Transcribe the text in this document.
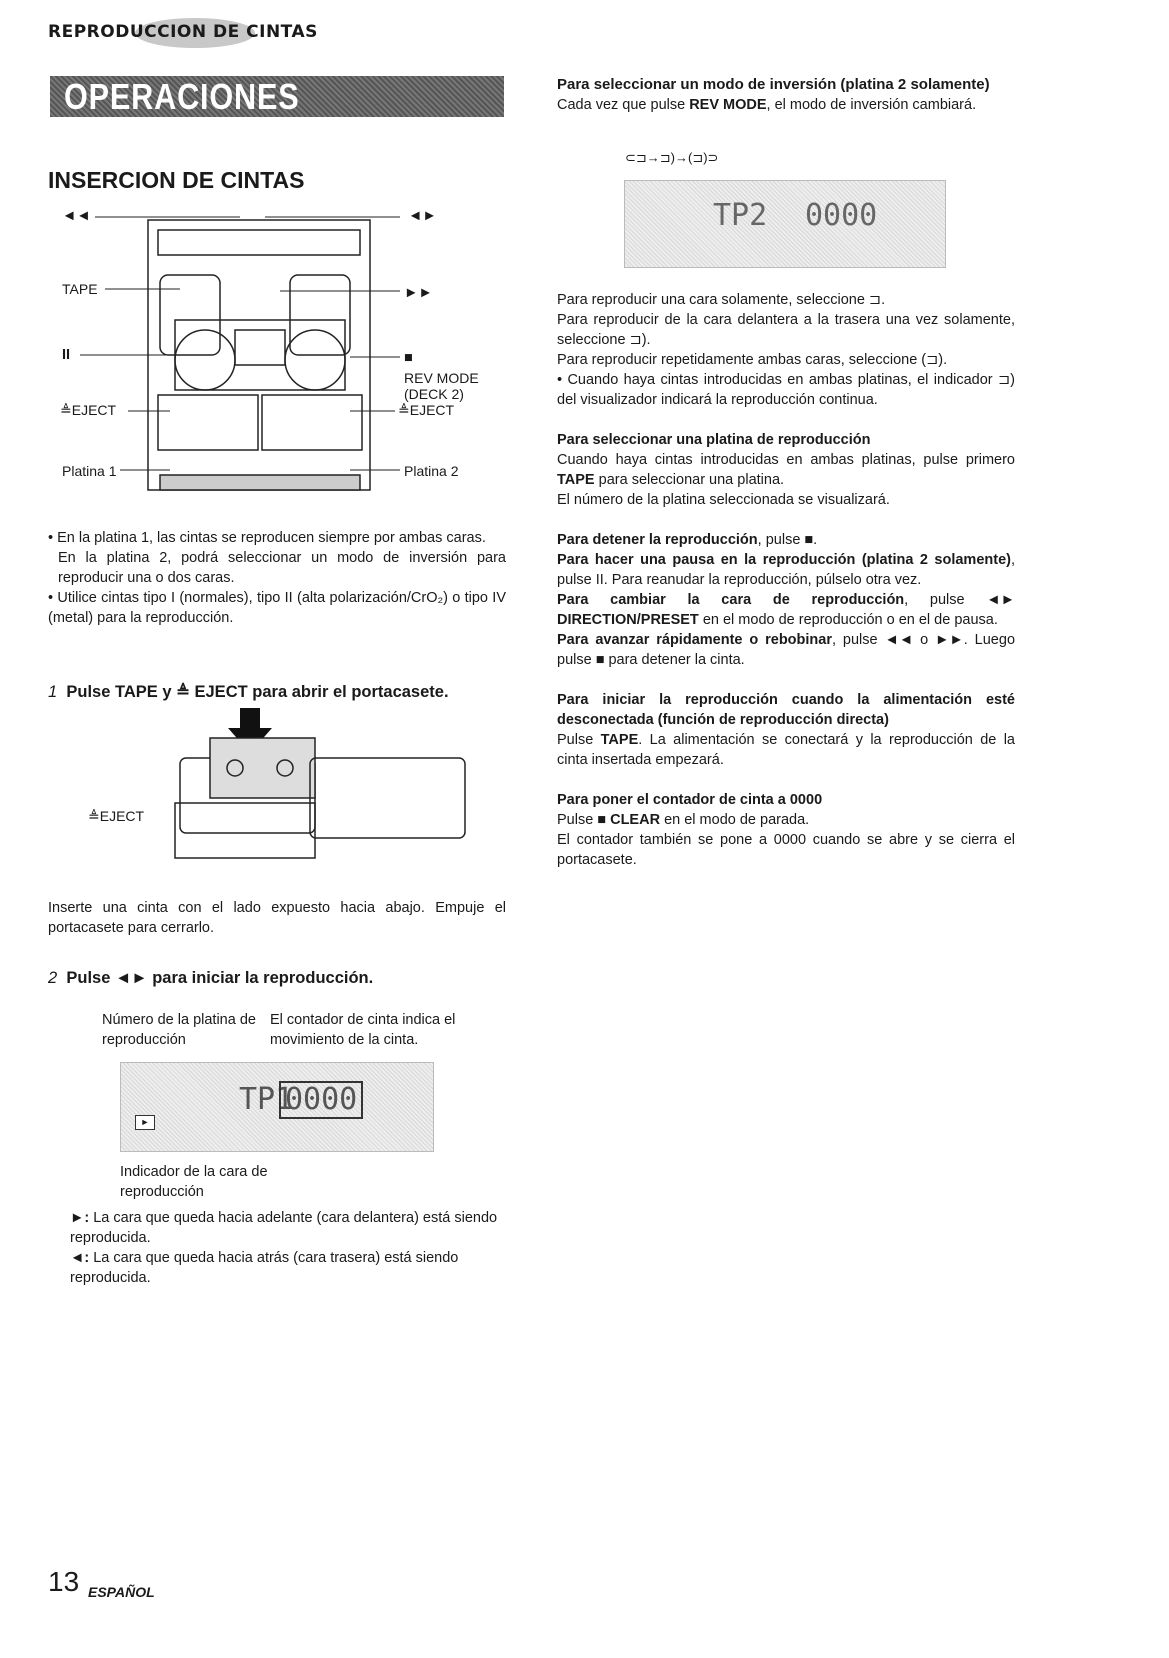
REPRODUCCION DE CINTAS
OPERACIONES BASICAS
INSERCION DE CINTAS
◄◄	◄►
TAPE	►►
II	■
REV MODE
(DECK 2)
≜EJECT
≜EJECT
Platina 1	Platina 2
• En la platina 1, las cintas se reproducen siempre por ambas caras.
En la platina 2, podrá seleccionar un modo de inversión para reproducir una o dos caras.
• Utilice cintas tipo I (normales), tipo II (alta polarización/CrO₂) o tipo IV (metal) para la reproducción.
1 Pulse TAPE y ≜ EJECT para abrir el portacasete.
≜EJECT
Inserte una cinta con el lado expuesto hacia abajo. Empuje el portacasete para cerrarlo.
2 Pulse ◄► para iniciar la reproducción.
Número de la platina de reproducción
El contador de cinta indica el movimiento de la cinta.
TP1
0000
►
Indicador de la cara de reproducción
►: La cara que queda hacia adelante (cara delantera) está siendo reproducida.
◄: La cara que queda hacia atrás (cara trasera) está siendo reproducida.
Para seleccionar un modo de inversión (platina 2 solamente)
Cada vez que pulse REV MODE, el modo de inversión cambiará.
⊂⊐→⊐)→(⊐)⊃
TP2 0000
Para reproducir una cara solamente, seleccione ⊐.
Para reproducir de la cara delantera a la trasera una vez solamente, seleccione ⊐).
Para reproducir repetidamente ambas caras, seleccione (⊐).
• Cuando haya cintas introducidas en ambas platinas, el indicador ⊐) del visualizador indicará la reproducción continua.
Para seleccionar una platina de reproducción
Cuando haya cintas introducidas en ambas platinas, pulse primero TAPE para seleccionar una platina.
El número de la platina seleccionada se visualizará.
Para detener la reproducción, pulse ■.
Para hacer una pausa en la reproducción (platina 2 solamente), pulse II. Para reanudar la reproducción, púlselo otra vez.
Para cambiar la cara de reproducción, pulse ◄► DIRECTION/PRESET en el modo de reproducción o en el de pausa.
Para avanzar rápidamente o rebobinar, pulse ◄◄ o ►►. Luego pulse ■ para detener la cinta.
Para iniciar la reproducción cuando la alimentación esté desconectada (función de reproducción directa)
Pulse TAPE. La alimentación se conectará y la reproducción de la cinta insertada empezará.
Para poner el contador de cinta a 0000
Pulse ■ CLEAR en el modo de parada.
El contador también se pone a 0000 cuando se abre y se cierra el portacasete.
13 ESPAÑOL
